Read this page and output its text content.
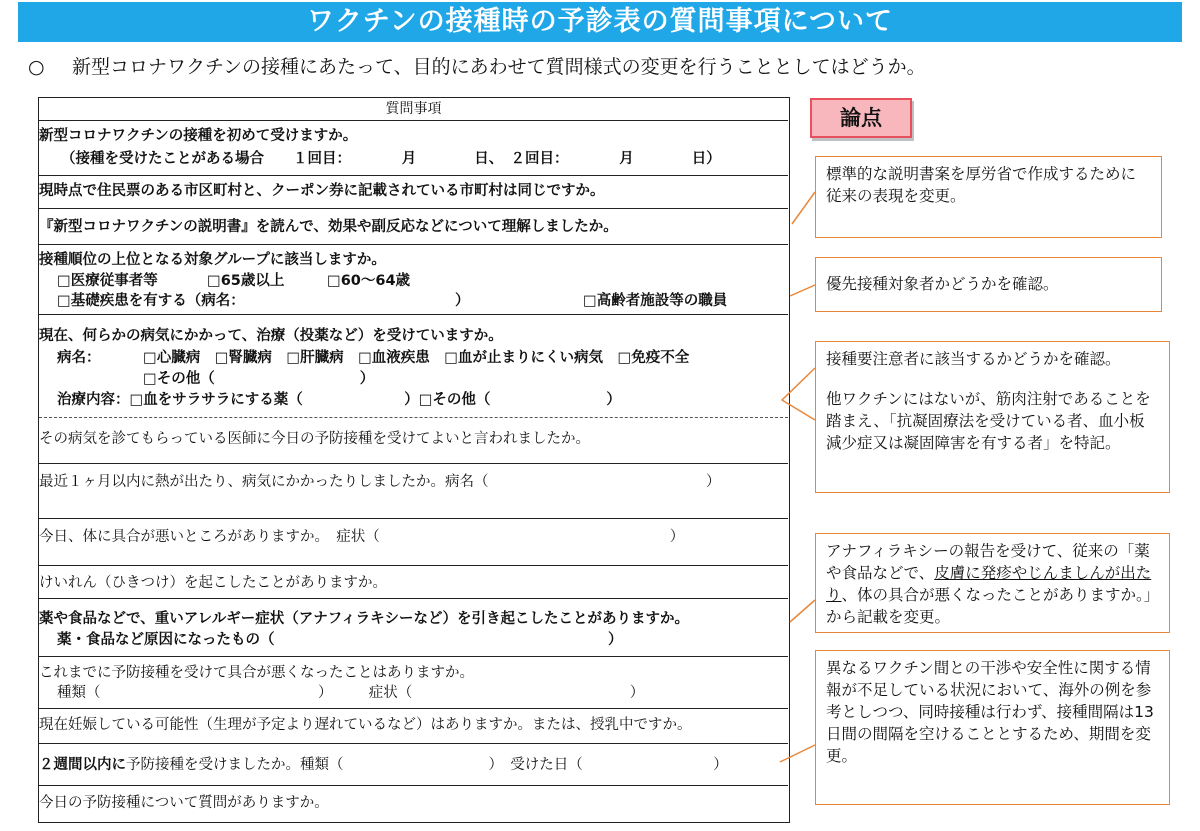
ワクチンの接種時の予診表の質問事項について
○ 新型コロナワクチンの接種にあたって、目的にあわせて質問様式の変更を行うこととしてはどうか。
質問事項
新型コロナワクチンの接種を初めて受けますか。
（接種を受けたことがある場合　　１回目：　　　　月　　　　日、　２回目：　　　　月　　　　日）
現時点で住民票のある市区町村と、クーポン券に記載されている市町村は同じですか。
『新型コロナワクチンの説明書』を読んで、効果や副反応などについて理解しましたか。
接種順位の上位となる対象グループに該当しますか。
□医療従事者等	□65歳以上	□60～64歳
□基礎疾患を有する（病名：　　　　　　　　　　　　　　　）	□高齢者施設等の職員
現在、何らかの病気にかかって、治療（投薬など）を受けていますか。
病名：	□心臓病　□腎臓病　□肝臓病　□血液疾患　□血が止まりにくい病気　□免疫不全
□その他（　　　　　　　　　　）
治療内容：□血をサラサラにする薬（　　　　　　　）□その他（　　　　　　　　）
その病気を診てもらっている医師に今日の予防接種を受けてよいと言われましたか。
最近１ヶ月以内に熱が出たり、病気にかかったりしましたか。病名（　　　　　　　　　　　　　　　）
今日、体に具合が悪いところがありますか。　症状（　　　　　　　　　　　　　　　　　　　　）
けいれん（ひきつけ）を起こしたことがありますか。
薬や食品などで、重いアレルギー症状（アナフィラキシーなど）を引き起こしたことがありますか。
薬・食品など原因になったもの（　　　　　　　　　　　　　　　　　　　　　　　）
これまでに予防接種を受けて具合が悪くなったことはありますか。
種類（　　　　　　　　　　　　　　　）　　　症状（　　　　　　　　　　　　　　　）
現在妊娠している可能性（生理が予定より遅れているなど）はありますか。または、授乳中ですか。
２週間以内に予防接種を受けましたか。種類（　　　　　　　　　　）　受けた日（　　　　　　　　　）
今日の予防接種について質問がありますか。
論点

標準的な説明書案を厚労省で作成するために従来の表現を変更。

優先接種対象者かどうかを確認。

接種要注意者に該当するかどうかを確認。

他ワクチンにはないが、筋肉注射であることを踏まえ、「抗凝固療法を受けている者、血小板減少症又は凝固障害を有する者」を特記。

アナフィラキシーの報告を受けて、従来の「薬や食品などで、皮膚に発疹やじんましんが出たり、体の具合が悪くなったことがありますか。」から記載を変更。

異なるワクチン間との干渉や安全性に関する情報が不足している状況において、海外の例を参考としつつ、同時接種は行わず、接種間隔は13日間の間隔を空けることとするため、期間を変更。
